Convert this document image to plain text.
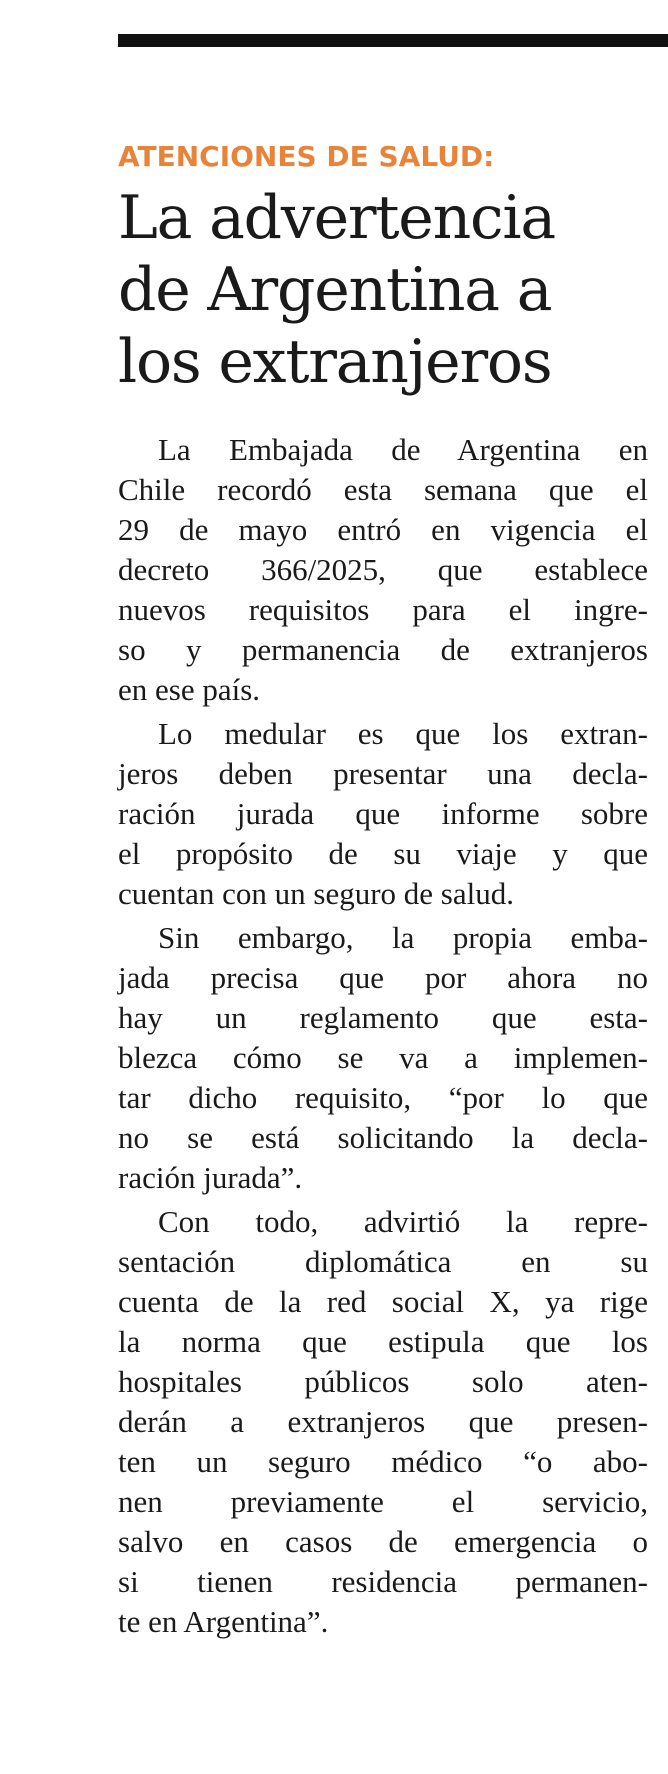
ATENCIONES DE SALUD:

La advertencia
de Argentina a
los extranjeros
La Embajada de Argentina en
Chile recordó esta semana que el
29 de mayo entró en vigencia el
decreto 366/2025, que establece
nuevos requisitos para el ingre-
so y permanencia de extranjeros
en ese país.
Lo medular es que los extran-
jeros deben presentar una decla-
ración jurada que informe sobre
el propósito de su viaje y que
cuentan con un seguro de salud.
Sin embargo, la propia emba-
jada precisa que por ahora no
hay un reglamento que esta-
blezca cómo se va a implemen-
tar dicho requisito, “por lo que
no se está solicitando la decla-
ración jurada”.
Con todo, advirtió la repre-
sentación diplomática en su
cuenta de la red social X, ya rige
la norma que estipula que los
hospitales públicos solo aten-
derán a extranjeros que presen-
ten un seguro médico “o abo-
nen previamente el servicio,
salvo en casos de emergencia o
si tienen residencia permanen-
te en Argentina”.
